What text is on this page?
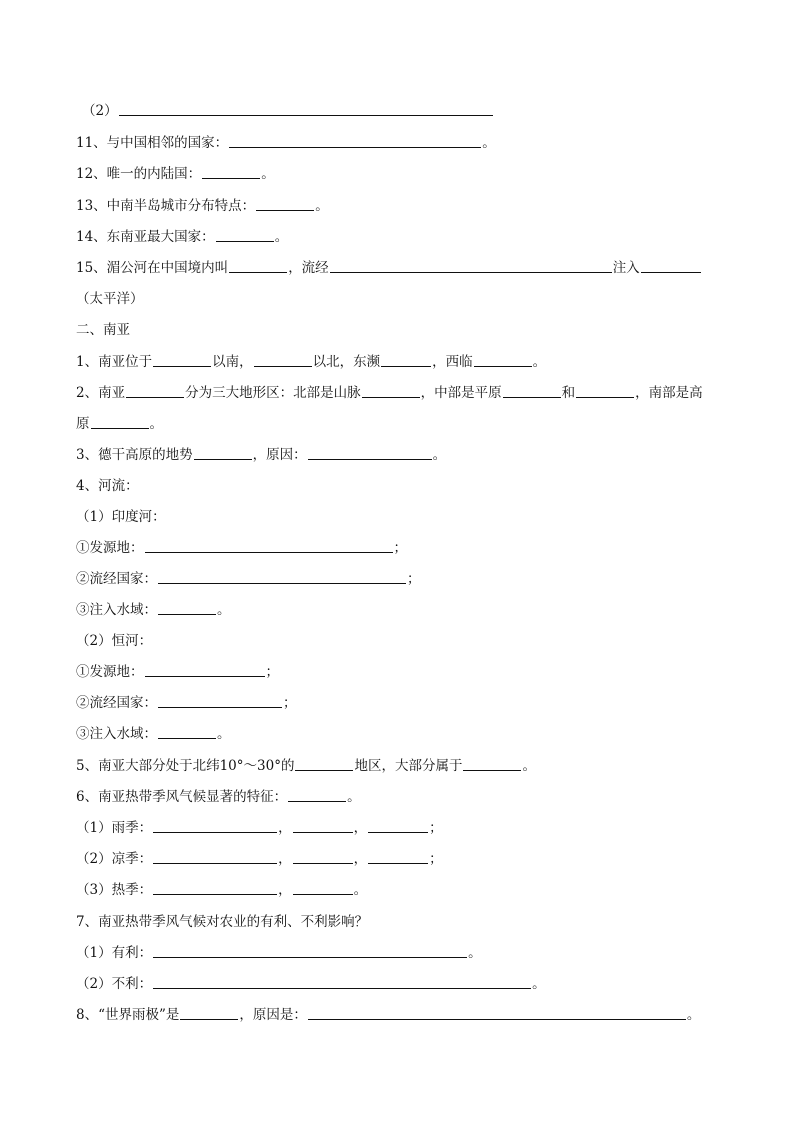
（2）
11、与中国相邻的国家：	。
12、唯一的内陆国：	。
13、中南半岛城市分布特点：	。
14、东南亚最大国家：	。
15、湄公河在中国境内叫	，流经	注入
（太平洋）
二、南亚
1、南亚位于	以南，	以北，东濒	，西临	。
2、南亚	分为三大地形区：北部是山脉	，中部是平原	和	，南部是高
原	。
3、德干高原的地势	，原因：	。
4、河流：
（1）印度河：
①发源地：	；
②流经国家：	；
③注入水域：	。
（2）恒河：
①发源地：	；
②流经国家：	；
③注入水域：	。
5、南亚大部分处于北纬10°～30°的	地区，大部分属于	。
6、南亚热带季风气候显著的特征：	。
（1）雨季：	，	，	；
（2）凉季：	，	，	；
（3）热季：	，	。
7、南亚热带季风气候对农业的有利、不利影响？
（1）有利：	。
（2）不利：	。
8、“世界雨极”是	，原因是：	。
